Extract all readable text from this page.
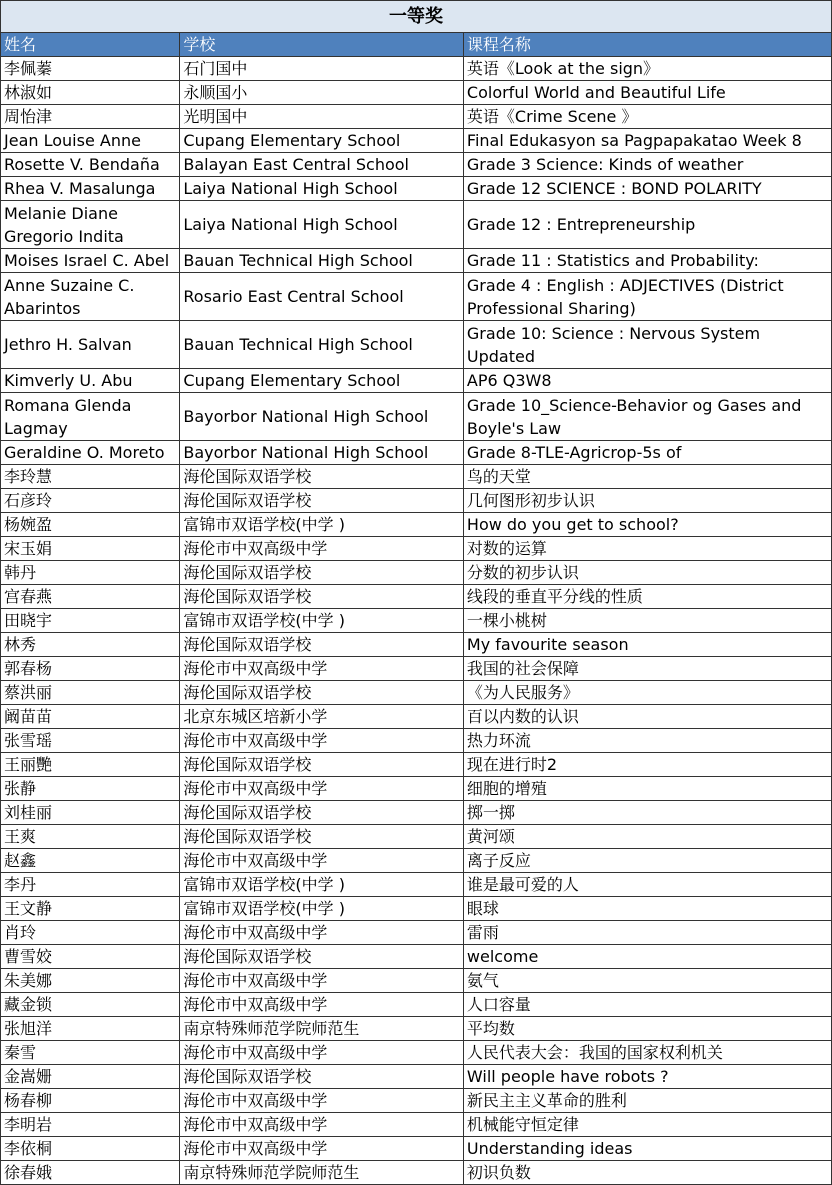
一等奖		
姓名	学校	课程名称
李佩蓁	石门国中	英语《Look at the sign》
林淑如	永顺国小	Colorful World and Beautiful Life
周怡津	光明国中	英语《Crime Scene 》
Jean Louise Anne	Cupang Elementary School	Final Edukasyon sa Pagpapakatao Week 8
Rosette V. Bendaña	Balayan East Central School	Grade 3 Science: Kinds of weather
Rhea V. Masalunga	Laiya National High School	Grade 12 SCIENCE : BOND POLARITY
Melanie Diane Gregorio Indita	Laiya National High School	Grade 12 : Entrepreneurship
Moises Israel C. Abel	Bauan Technical High School	Grade 11 : Statistics and Probability:
Anne Suzaine C. Abarintos	Rosario East Central School	Grade 4 : English : ADJECTIVES (District Professional Sharing)
Jethro H. Salvan	Bauan Technical High School	Grade 10: Science : Nervous System Updated
Kimverly U. Abu	Cupang Elementary School	AP6 Q3W8
Romana Glenda Lagmay	Bayorbor National High School	Grade 10_Science-Behavior og Gases and Boyle's Law
Geraldine O. Moreto	Bayorbor National High School	Grade 8-TLE-Agricrop-5s of
李玲慧	海伦国际双语学校	鸟的天堂
石彦玲	海伦国际双语学校	几何图形初步认识
杨婉盈	富锦市双语学校(中学 )	How do you get to school?
宋玉娟	海伦市中双高级中学	对数的运算
韩丹	海伦国际双语学校	分数的初步认识
宫春燕	海伦国际双语学校	线段的垂直平分线的性质
田晓宇	富锦市双语学校(中学 )	一棵小桃树
林秀	海伦国际双语学校	My favourite season
郭春杨	海伦市中双高级中学	我国的社会保障
蔡洪丽	海伦国际双语学校	《为人民服务》
阚苗苗	北京东城区培新小学	百以内数的认识
张雪瑶	海伦市中双高级中学	热力环流
王丽艷	海伦国际双语学校	现在进行时2
张静	海伦市中双高级中学	细胞的增殖
刘桂丽	海伦国际双语学校	掷一掷
王爽	海伦国际双语学校	黄河颂
赵鑫	海伦市中双高级中学	离子反应
李丹	富锦市双语学校(中学 )	谁是最可爱的人
王文静	富锦市双语学校(中学 )	眼球
肖玲	海伦市中双高级中学	雷雨
曹雪姣	海伦国际双语学校	welcome
朱美娜	海伦市中双高级中学	氨气
藏金锁	海伦市中双高级中学	人口容量
张旭洋	南京特殊师范学院师范生	平均数
秦雪	海伦市中双高级中学	人民代表大会：我国的国家权利机关
金嵩姗	海伦国际双语学校	Will people have robots ?
杨春柳	海伦市中双高级中学	新民主主义革命的胜利
李明岩	海伦市中双高级中学	机械能守恒定律
李依桐	海伦市中双高级中学	Understanding ideas
徐春娥	南京特殊师范学院师范生	初识负数
